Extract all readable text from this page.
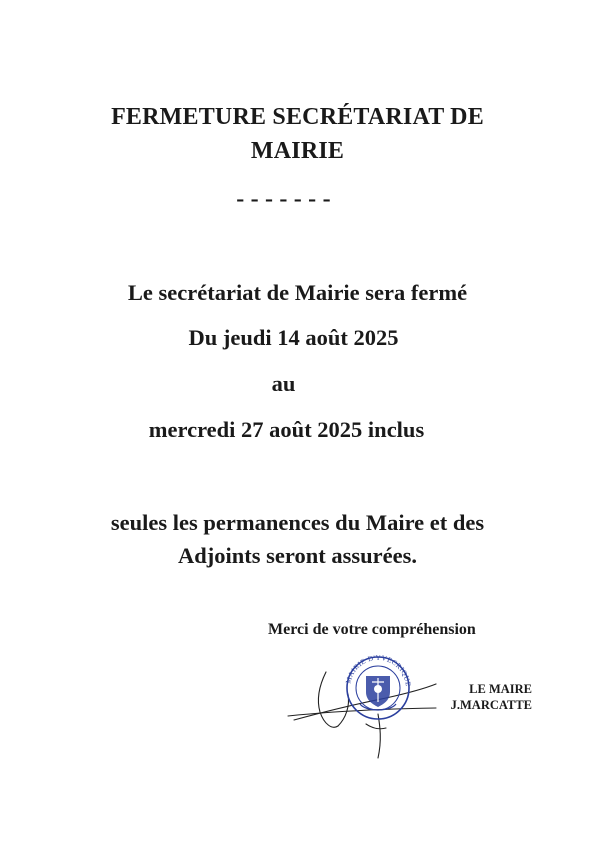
FERMETURE SECRÉTARIAT DE
MAIRIE
- - - - - - -
Le secrétariat de Mairie sera fermé
Du jeudi 14 août 2025
au
mercredi 27 août 2025 inclus
seules les permanences du Maire et des
Adjoints seront assurées.
Merci de votre compréhension
MAIRIE D'YVECRIQUE	LE MAIRE
J.MARCATTE
